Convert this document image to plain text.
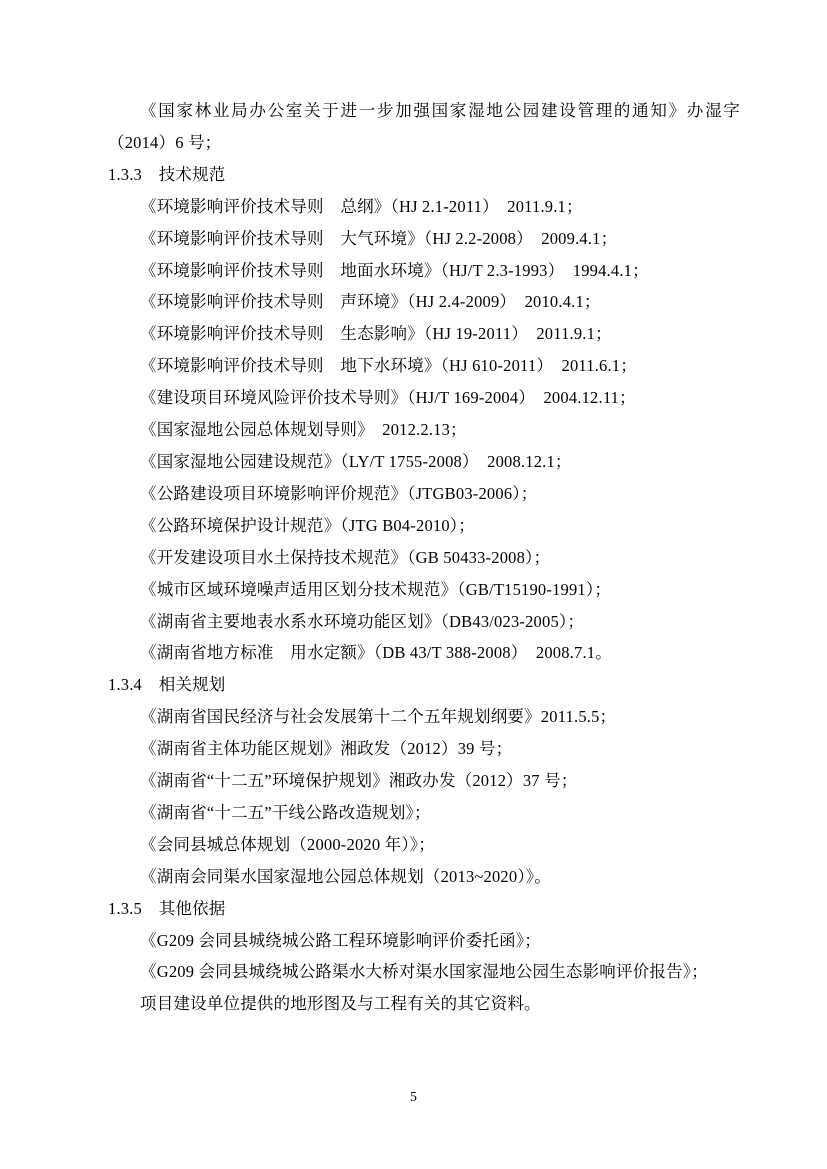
《国家林业局办公室关于进一步加强国家湿地公园建设管理的通知》办湿字
（2014）6 号；
1.3.3　技术规范
《环境影响评价技术导则　总纲》（HJ 2.1-2011）　2011.9.1；
《环境影响评价技术导则　大气环境》（HJ 2.2-2008）　2009.4.1；
《环境影响评价技术导则　地面水环境》（HJ/T 2.3-1993）　1994.4.1；
《环境影响评价技术导则　声环境》（HJ 2.4-2009）　2010.4.1；
《环境影响评价技术导则　生态影响》（HJ 19-2011）　2011.9.1；
《环境影响评价技术导则　地下水环境》（HJ 610-2011）　2011.6.1；
《建设项目环境风险评价技术导则》（HJ/T 169-2004）　2004.12.11；
《国家湿地公园总体规划导则》　2012.2.13；
《国家湿地公园建设规范》（LY/T 1755-2008）　2008.12.1；
《公路建设项目环境影响评价规范》（JTGB03-2006）；
《公路环境保护设计规范》（JTG B04-2010）；
《开发建设项目水土保持技术规范》（GB 50433-2008）；
《城市区域环境噪声适用区划分技术规范》（GB/T15190-1991）；
《湖南省主要地表水系水环境功能区划》（DB43/023-2005）；
《湖南省地方标准　用水定额》（DB 43/T 388-2008）　2008.7.1。
1.3.4　相关规划
《湖南省国民经济与社会发展第十二个五年规划纲要》2011.5.5；
《湖南省主体功能区规划》湘政发（2012）39 号；
《湖南省“十二五”环境保护规划》湘政办发（2012）37 号；
《湖南省“十二五”干线公路改造规划》；
《会同县城总体规划（2000-2020 年）》；
《湖南会同渠水国家湿地公园总体规划（2013~2020）》。
1.3.5　其他依据
《G209 会同县城绕城公路工程环境影响评价委托函》；
《G209 会同县城绕城公路渠水大桥对渠水国家湿地公园生态影响评价报告》；
项目建设单位提供的地形图及与工程有关的其它资料。
5
